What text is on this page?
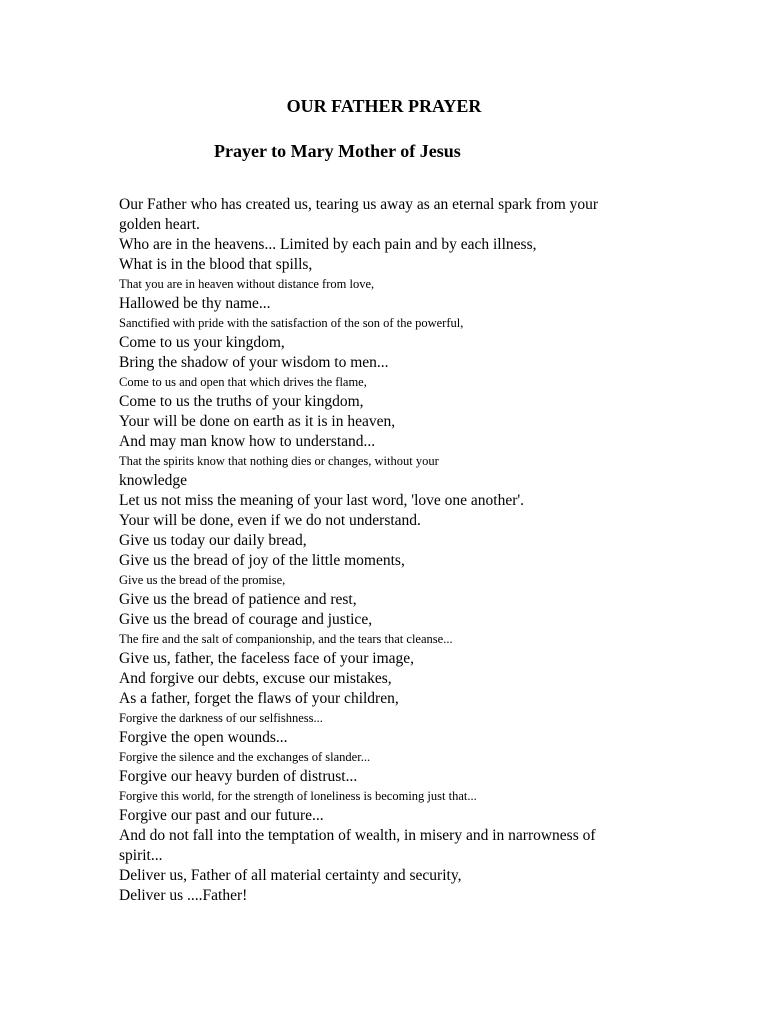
OUR FATHER PRAYER
Prayer to Mary Mother of Jesus
Our Father who has created us, tearing us away as an eternal spark from your
golden heart.
Who are in the heavens... Limited by each pain and by each illness,
What is in the blood that spills,
That you are in heaven without distance from love,
Hallowed be thy name...
Sanctified with pride with the satisfaction of the son of the powerful,
Come to us your kingdom,
Bring the shadow of your wisdom to men...
Come to us and open that which drives the flame,
Come to us the truths of your kingdom,
Your will be done on earth as it is in heaven,
And may man know how to understand...
That the spirits know that nothing dies or changes, without your
knowledge
Let us not miss the meaning of your last word, 'love one another'.
Your will be done, even if we do not understand.
Give us today our daily bread,
Give us the bread of joy of the little moments,
Give us the bread of the promise,
Give us the bread of patience and rest,
Give us the bread of courage and justice,
The fire and the salt of companionship, and the tears that cleanse...
Give us, father, the faceless face of your image,
And forgive our debts, excuse our mistakes,
As a father, forget the flaws of your children,
Forgive the darkness of our selfishness...
Forgive the open wounds...
Forgive the silence and the exchanges of slander...
Forgive our heavy burden of distrust...
Forgive this world, for the strength of loneliness is becoming just that...
Forgive our past and our future...
And do not fall into the temptation of wealth, in misery and in narrowness of
spirit...
Deliver us, Father of all material certainty and security,
Deliver us ....Father!
